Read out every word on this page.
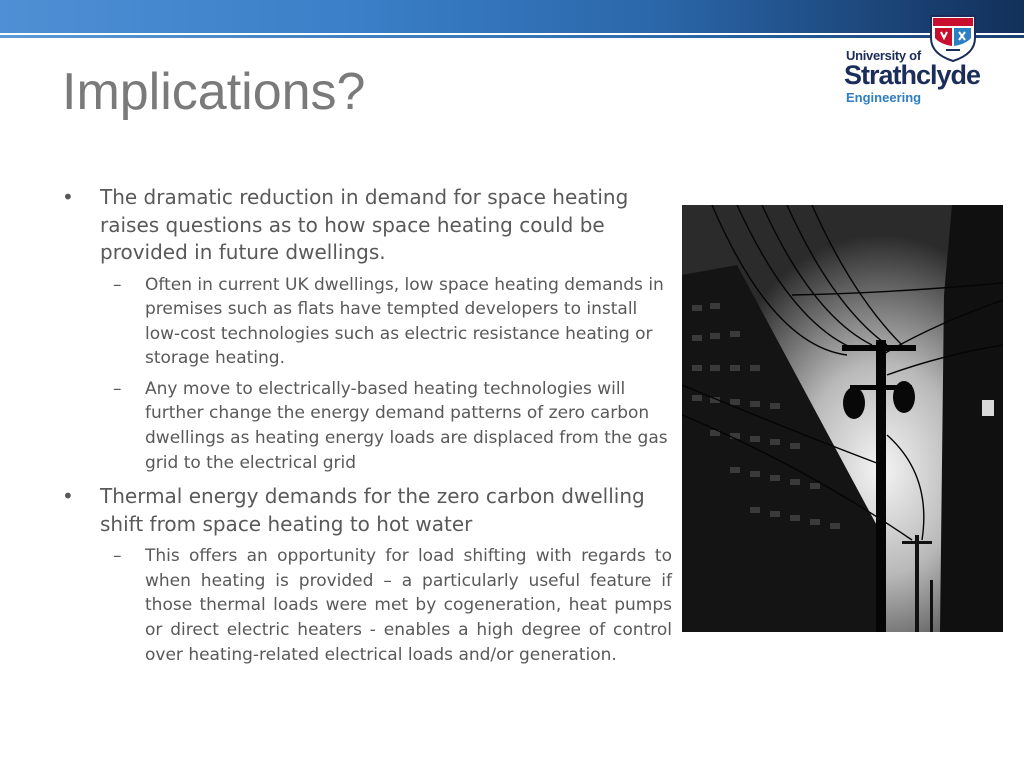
Implications?
University of
Strathclyde
Engineering

• The dramatic reduction in demand for space heating raises questions as to how space heating could be provided in future dwellings.

– Often in current UK dwellings, low space heating demands in premises such as flats have tempted developers to install low-cost technologies such as electric resistance heating or storage heating.

– Any move to electrically-based heating technologies will further change the energy demand patterns of zero carbon dwellings as heating energy loads are displaced from the gas grid to the electrical grid

• Thermal energy demands for the zero carbon dwelling shift from space heating to hot water

– This offers an opportunity for load shifting with regards to when heating is provided – a particularly useful feature if those thermal loads were met by cogeneration, heat pumps or direct electric heaters - enables a high degree of control over heating-related electrical loads and/or generation.
